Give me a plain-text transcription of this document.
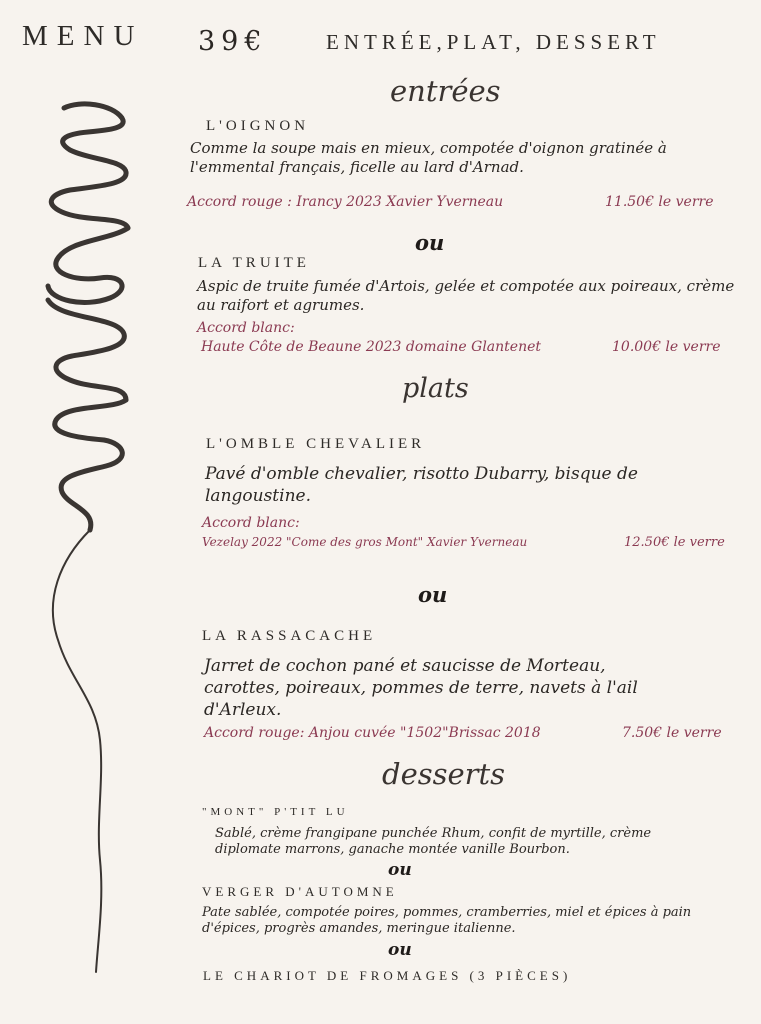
MENU 39€	ENTRÉE,PLAT, DESSERT
entrées
L'OIGNON
Comme la soupe mais en mieux, compotée d'oignon gratinée à l'emmental français, ficelle au lard d'Arnad.
Accord rouge : Irancy 2023 Xavier Yverneau	11.50€ le verre
ou
LA TRUITE
Aspic de truite fumée d'Artois, gelée et compotée aux poireaux, crème au raifort et agrumes.
Accord blanc:
Haute Côte de Beaune 2023 domaine Glantenet	10.00€ le verre
plats
L'OMBLE CHEVALIER
Pavé d'omble chevalier, risotto Dubarry, bisque de langoustine.
Accord blanc:
Vezelay 2022 "Come des gros Mont" Xavier Yverneau	12.50€ le verre
ou
LA RASSACACHE
Jarret de cochon pané et saucisse de Morteau, carottes, poireaux, pommes de terre, navets à l'ail d'Arleux.
Accord rouge: Anjou cuvée "1502"Brissac 2018	7.50€ le verre
desserts
"MONT" P'TIT LU
Sablé, crème frangipane punchée Rhum, confit de myrtille, crème diplomate marrons, ganache montée vanille Bourbon.
ou
VERGER D'AUTOMNE
Pate sablée, compotée poires, pommes, cramberries, miel et épices à pain d'épices, progrès amandes, meringue italienne.
ou
LE CHARIOT DE FROMAGES (3 PIÈCES)
